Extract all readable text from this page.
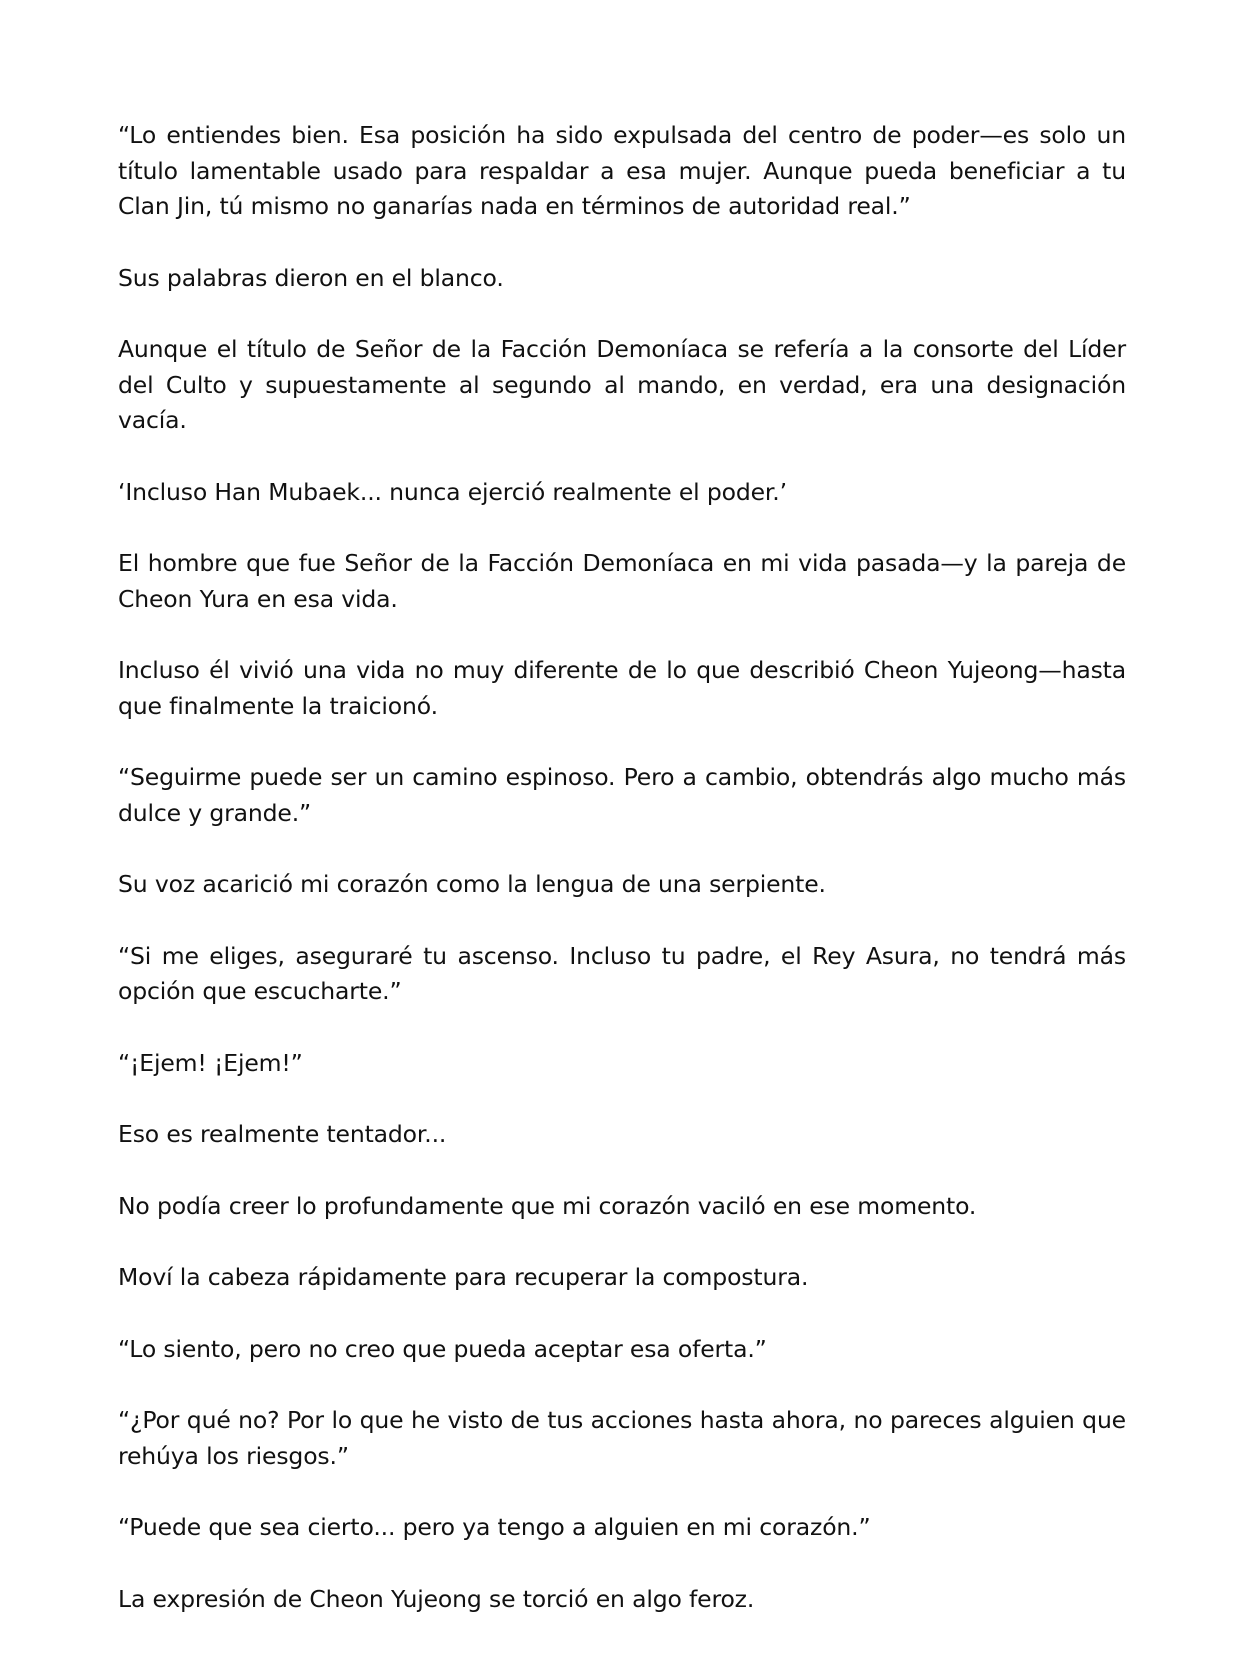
“Lo entiendes bien. Esa posición ha sido expulsada del centro de poder—es solo un título lamentable usado para respaldar a esa mujer. Aunque pueda beneficiar a tu Clan Jin, tú mismo no ganarías nada en términos de autoridad real.”

Sus palabras dieron en el blanco.

Aunque el título de Señor de la Facción Demoníaca se refería a la consorte del Líder del Culto y supuestamente al segundo al mando, en verdad, era una designación vacía.

‘Incluso Han Mubaek... nunca ejerció realmente el poder.’

El hombre que fue Señor de la Facción Demoníaca en mi vida pasada—y la pareja de Cheon Yura en esa vida.

Incluso él vivió una vida no muy diferente de lo que describió Cheon Yujeong—hasta que finalmente la traicionó.

“Seguirme puede ser un camino espinoso. Pero a cambio, obtendrás algo mucho más dulce y grande.”

Su voz acarició mi corazón como la lengua de una serpiente.

“Si me eliges, aseguraré tu ascenso. Incluso tu padre, el Rey Asura, no tendrá más opción que escucharte.”

“¡Ejem! ¡Ejem!”

Eso es realmente tentador...

No podía creer lo profundamente que mi corazón vaciló en ese momento.

Moví la cabeza rápidamente para recuperar la compostura.

“Lo siento, pero no creo que pueda aceptar esa oferta.”

“¿Por qué no? Por lo que he visto de tus acciones hasta ahora, no pareces alguien que rehúya los riesgos.”

“Puede que sea cierto... pero ya tengo a alguien en mi corazón.”

La expresión de Cheon Yujeong se torció en algo feroz.
